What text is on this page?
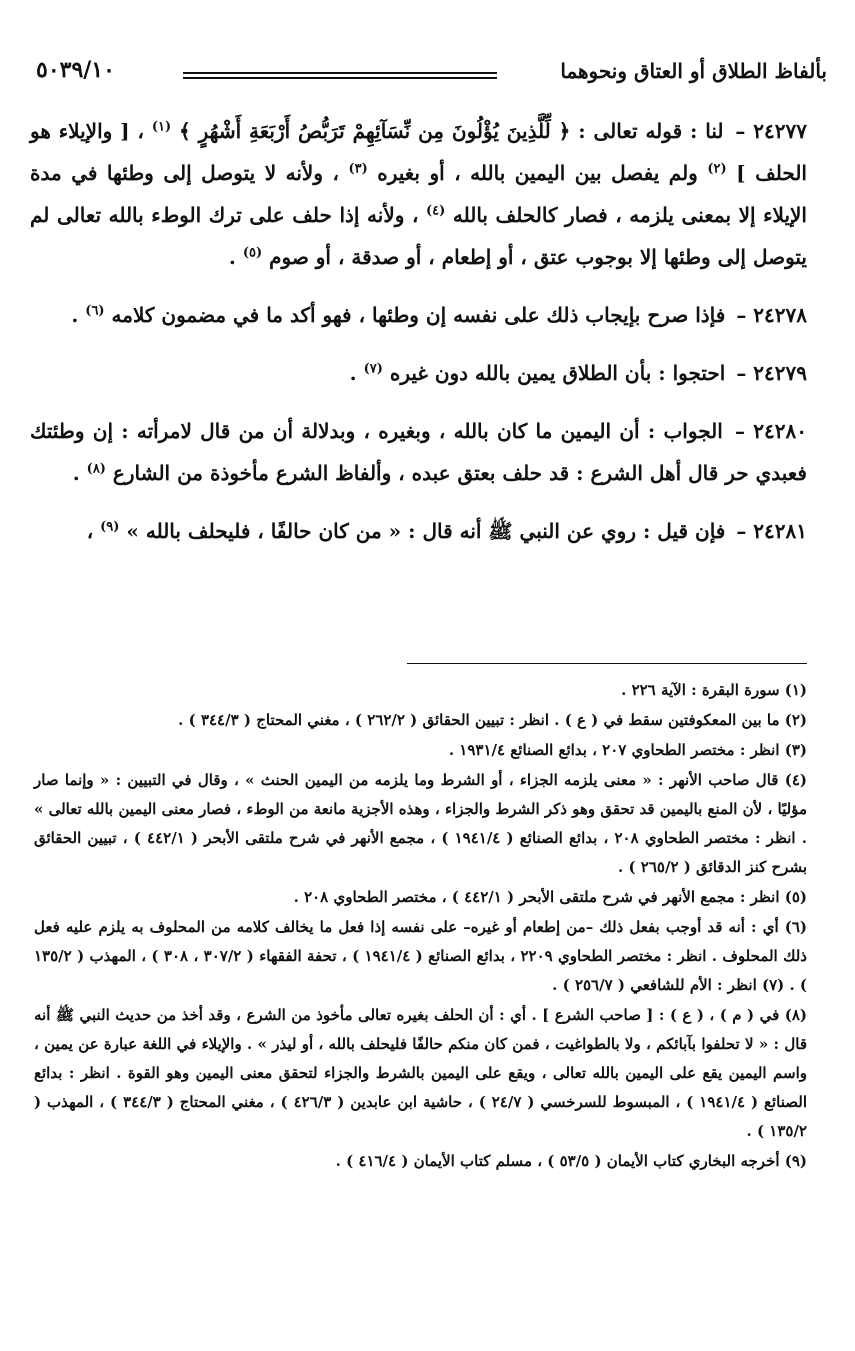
بألفاظ الطلاق أو العتاق ونحوهما
٥٠٣٩/١٠

٢٤٢٧٧ – لنا : قوله تعالى : ﴿ لِّلَّذِينَ يُؤْلُونَ مِن نِّسَآئِهِمْ تَرَبُّصُ أَرْبَعَةِ أَشْهُرٍ ﴾ $^{(١)}$ ، [ والإيلاء هو الحلف ] $^{(٢)}$ ولم يفصل بين اليمين بالله ، أو بغيره $^{(٣)}$ ، ولأنه لا يتوصل إلى وطئها في مدة الإيلاء إلا بمعنى يلزمه ، فصار كالحلف بالله $^{(٤)}$ ، ولأنه إذا حلف على ترك الوطء بالله تعالى لم يتوصل إلى وطئها إلا بوجوب عتق ، أو إطعام ، أو صدقة ، أو صوم $^{(٥)}$ .

٢٤٢٧٨ – فإذا صرح بإيجاب ذلك على نفسه إن وطئها ، فهو أكد ما في مضمون كلامه $^{(٦)}$ .

٢٤٢٧٩ – احتجوا : بأن الطلاق يمين بالله دون غيره $^{(٧)}$ .

٢٤٢٨٠ – الجواب : أن اليمين ما كان بالله ، وبغيره ، وبدلالة أن من قال لامرأته : إن وطئتك فعبدي حر قال أهل الشرع : قد حلف بعتق عبده ، وألفاظ الشرع مأخوذة من الشارع $^{(٨)}$ .

٢٤٢٨١ – فإن قيل : روي عن النبي ﷺ أنه قال : « من كان حالفًا ، فليحلف بالله » $^{(٩)}$ ،

(١) سورة البقرة : الآية ٢٢٦ .

(٢) ما بين المعكوفتين سقط في ( ع ) . انظر : تبيين الحقائق ( ٢٦٢/٢ ) ، مغني المحتاج ( ٣٤٤/٣ ) .

(٣) انظر : مختصر الطحاوي ٢٠٧ ، بدائع الصنائع ١٩٣١/٤ .

(٤) قال صاحب الأنهر : « معنى يلزمه الجزاء ، أو الشرط وما يلزمه من اليمين الحنث » ، وقال في التبيين : « وإنما صار مؤليًا ، لأن المنع باليمين قد تحقق وهو ذكر الشرط والجزاء ، وهذه الأجزية مانعة من الوطء ، فصار معنى اليمين بالله تعالى » . انظر : مختصر الطحاوي ٢٠٨ ، بدائع الصنائع ( ١٩٤١/٤ ) ، مجمع الأنهر في شرح ملتقى الأبحر ( ٤٤٢/١ ) ، تبيين الحقائق بشرح كنز الدقائق ( ٢٦٥/٢ ) .

(٥) انظر : مجمع الأنهر في شرح ملتقى الأبحر ( ٤٤٢/١ ) ، مختصر الطحاوي ٢٠٨ .

(٦) أي : أنه قد أوجب بفعل ذلك –من إطعام أو غيره– على نفسه إذا فعل ما يخالف كلامه من المحلوف به يلزم عليه فعل ذلك المحلوف . انظر : مختصر الطحاوي ٢٢٠٩ ، بدائع الصنائع ( ١٩٤١/٤ ) ، تحفة الفقهاء ( ٣٠٧/٢ ، ٣٠٨ ) ، المهذب ( ١٣٥/٢ ) . (٧) انظر : الأم للشافعي ( ٢٥٦/٧ ) .

(٨) في ( م ) ، ( ع ) : [ صاحب الشرع ] . أي : أن الحلف بغيره تعالى مأخوذ من الشرع ، وقد أخذ من حديث النبي ﷺ أنه قال : « لا تحلفوا بآبائكم ، ولا بالطواغيت ، فمن كان منكم حالفًا فليحلف بالله ، أو ليذر » . والإيلاء في اللغة عبارة عن يمين ، واسم اليمين يقع على اليمين بالله تعالى ، ويقع على اليمين بالشرط والجزاء لتحقق معنى اليمين وهو القوة . انظر : بدائع الصنائع ( ١٩٤١/٤ ) ، المبسوط للسرخسي ( ٢٤/٧ ) ، حاشية ابن عابدين ( ٤٢٦/٣ ) ، مغني المحتاج ( ٣٤٤/٣ ) ، المهذب ( ١٣٥/٢ ) .

(٩) أخرجه البخاري كتاب الأيمان ( ٥٣/٥ ) ، مسلم كتاب الأيمان ( ٤١٦/٤ ) .
